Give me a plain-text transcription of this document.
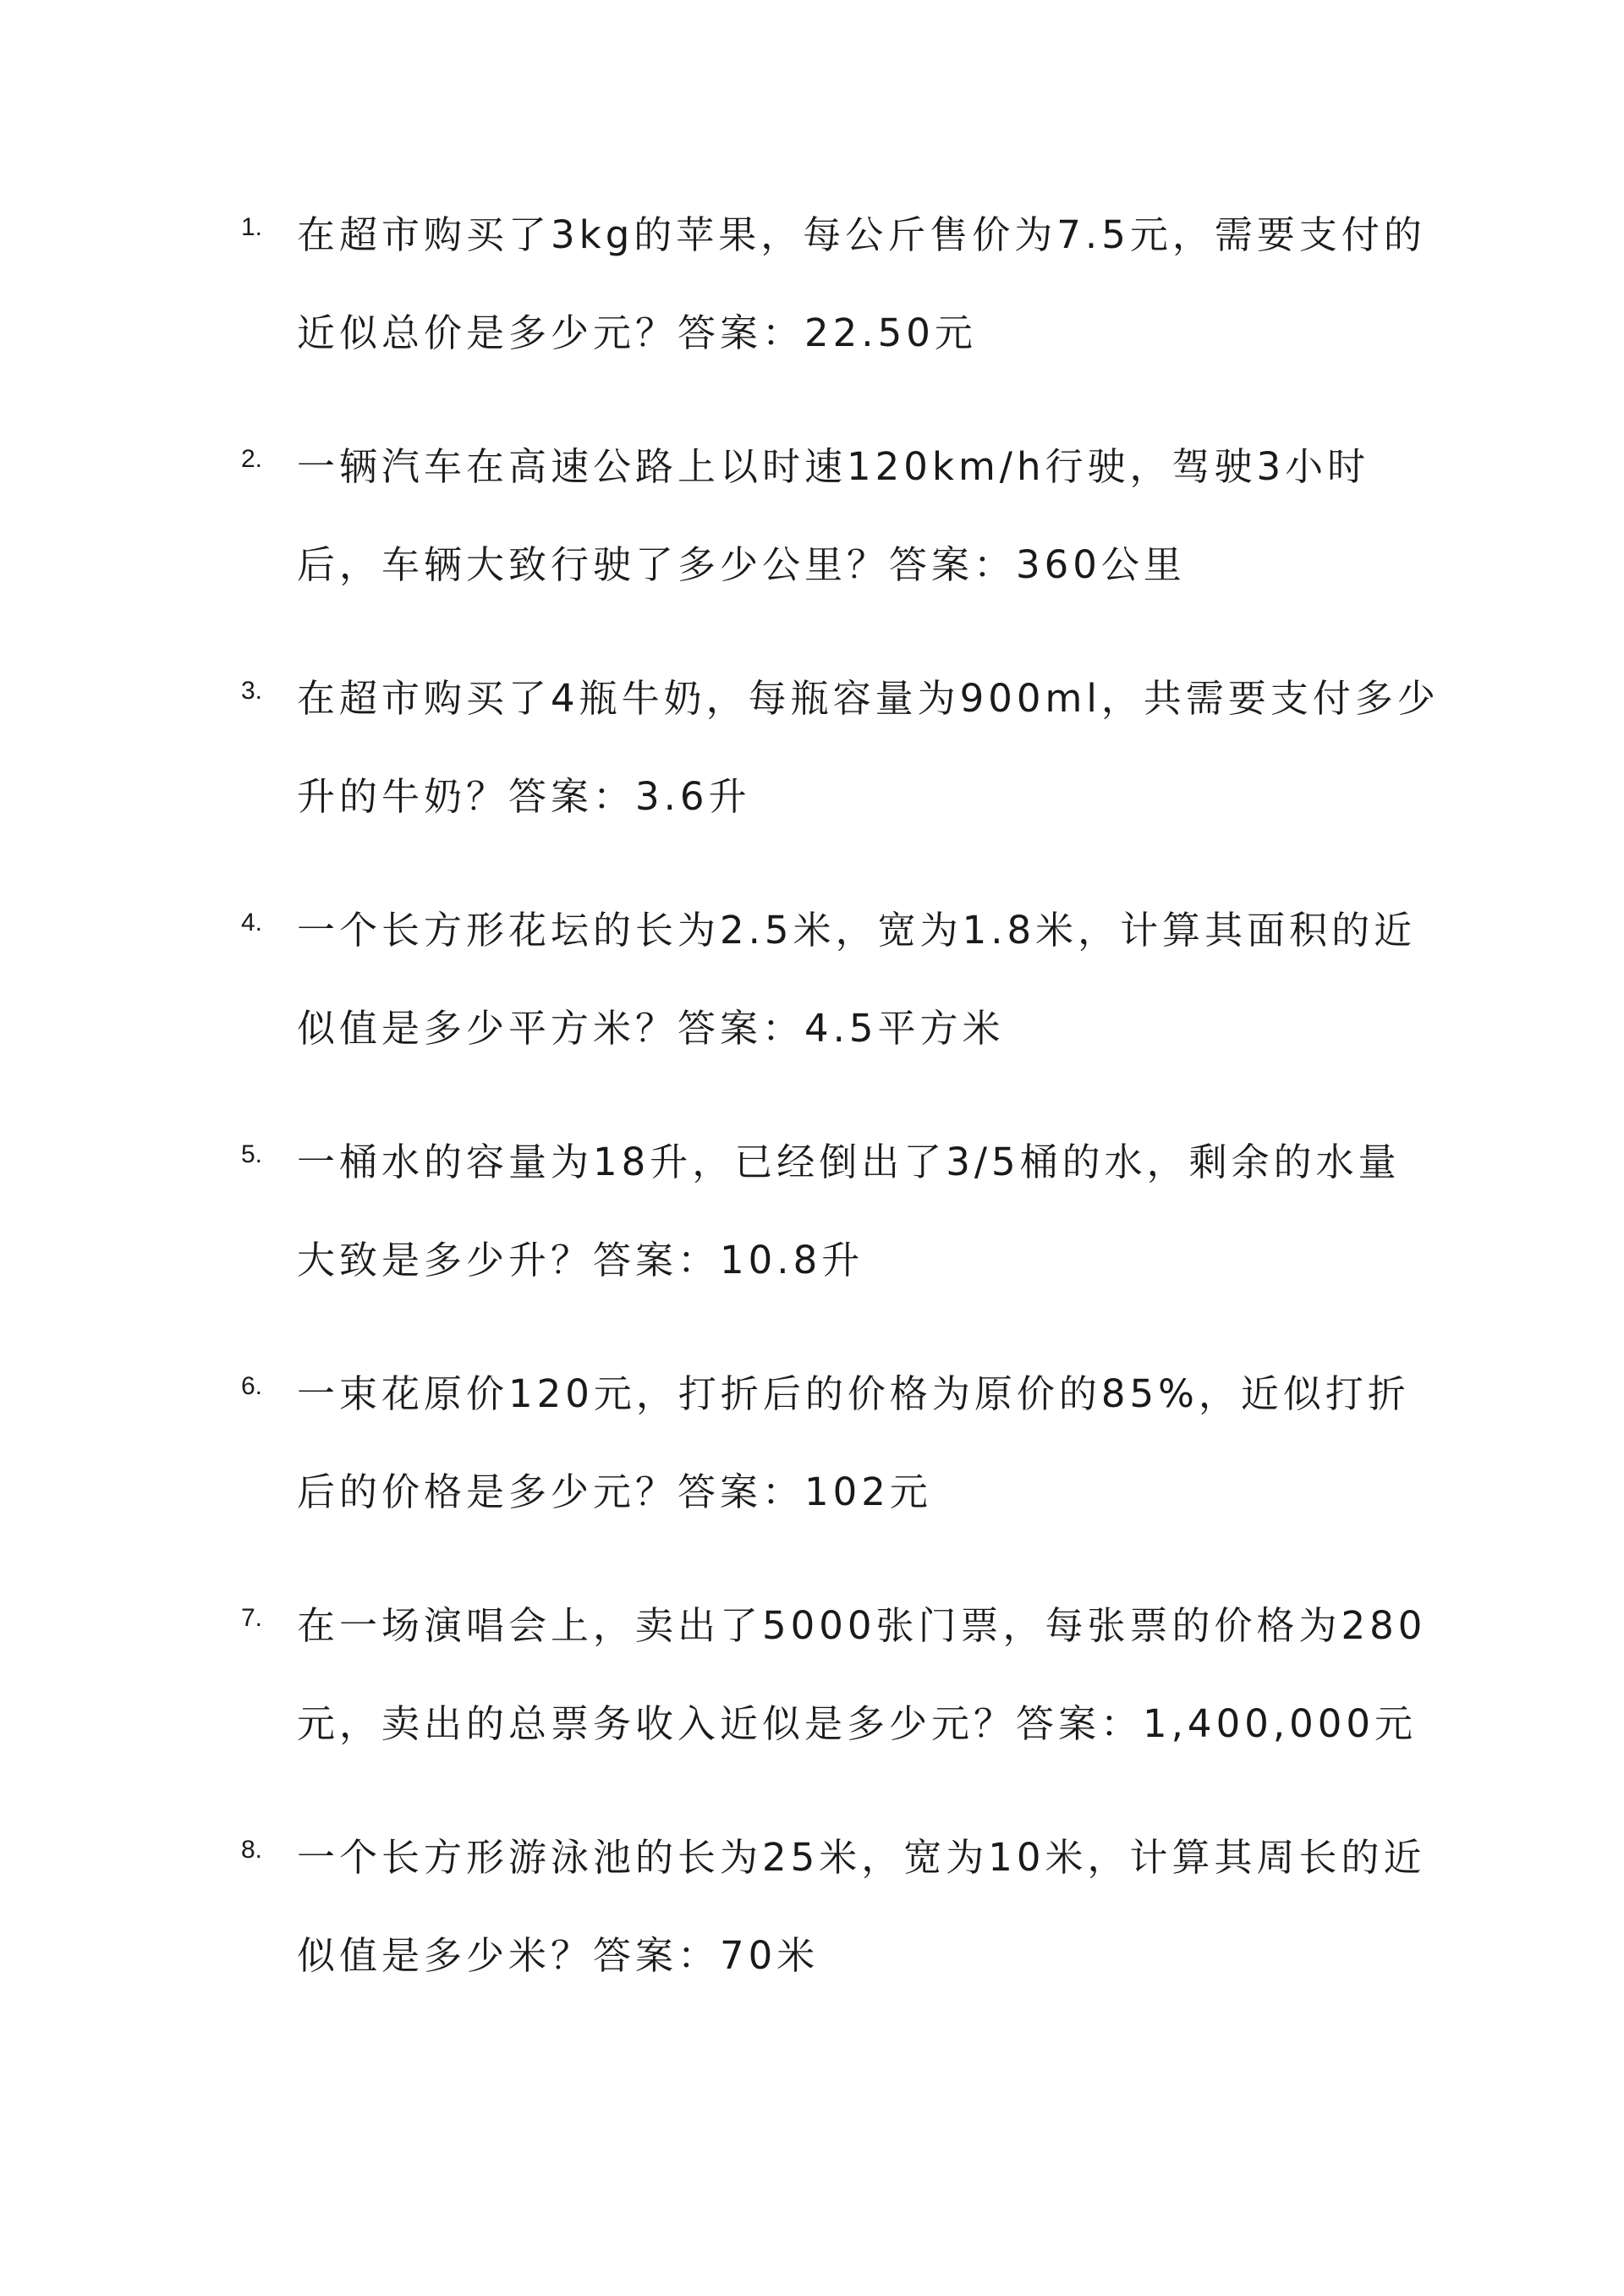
1. 在超市购买了3kg的苹果，每公斤售价为7.5元，需要支付的近似总价是多少元？答案：22.50元
2. 一辆汽车在高速公路上以时速120km/h行驶，驾驶3小时后，车辆大致行驶了多少公里？答案：360公里
3. 在超市购买了4瓶牛奶，每瓶容量为900ml，共需要支付多少升的牛奶？答案：3.6升
4. 一个长方形花坛的长为2.5米，宽为1.8米，计算其面积的近似值是多少平方米？答案：4.5平方米
5. 一桶水的容量为18升，已经倒出了3/5桶的水，剩余的水量大致是多少升？答案：10.8升
6. 一束花原价120元，打折后的价格为原价的85%，近似打折后的价格是多少元？答案：102元
7. 在一场演唱会上，卖出了5000张门票，每张票的价格为280元，卖出的总票务收入近似是多少元？答案：1,400,000元
8. 一个长方形游泳池的长为25米，宽为10米，计算其周长的近似值是多少米？答案：70米
